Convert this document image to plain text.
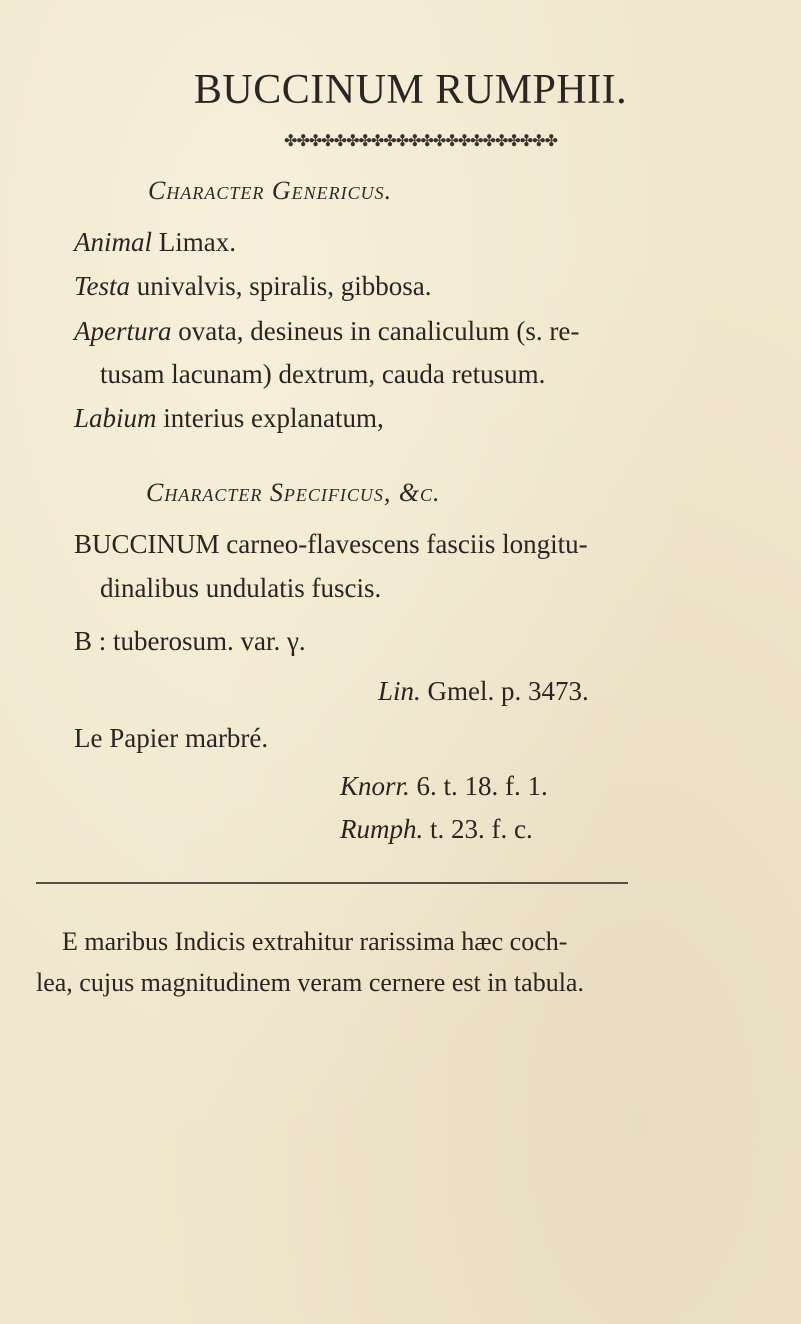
BUCCINUM RUMPHII.
✤✤✤✤✤✤✤✤✤✤✤✤✤✤✤✤✤✤✤✤✤✤
Character Genericus.
Animal Limax.
Testa univalvis, spiralis, gibbosa.
Apertura ovata, desineus in canaliculum (s. re-
tusam lacunam) dextrum, cauda retusum.
Labium interius explanatum,
Character Specificus, &c.
BUCCINUM carneo-flavescens fasciis longitu-
dinalibus undulatis fuscis.
B : tuberosum. var. γ.
Lin. Gmel. p. 3473.
Le Papier marbré.
Knorr. 6. t. 18. f. 1.
Rumph. t. 23. f. c.
E maribus Indicis extrahitur rarissima hæc coch-
lea, cujus magnitudinem veram cernere est in tabula.
